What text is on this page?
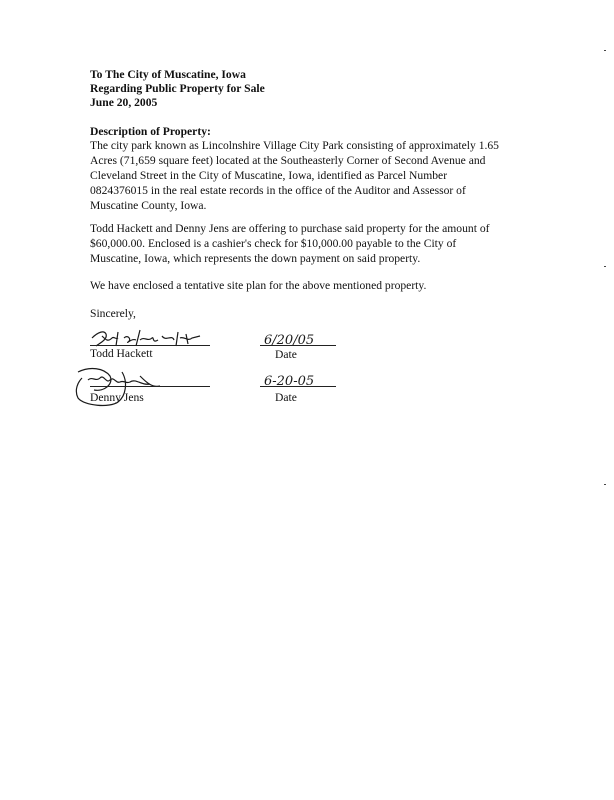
To The City of Muscatine, Iowa
Regarding Public Property for Sale
June 20, 2005
Description of Property:
The city park known as Lincolnshire Village City Park consisting of approximately 1.65
Acres (71,659 square feet) located at the Southeasterly Corner of Second Avenue and
Cleveland Street in the City of Muscatine, Iowa, identified as Parcel Number
0824376015 in the real estate records in the office of the Auditor and Assessor of
Muscatine County, Iowa.
Todd Hackett and Denny Jens are offering to purchase said property for the amount of
$60,000.00. Enclosed is a cashier's check for $10,000.00 payable to the City of
Muscatine, Iowa, which represents the down payment on said property.
We have enclosed a tentative site plan for the above mentioned property.
Sincerely,
Todd Hackett
6/20/05
Date
Denny Jens
6-20-05
Date
